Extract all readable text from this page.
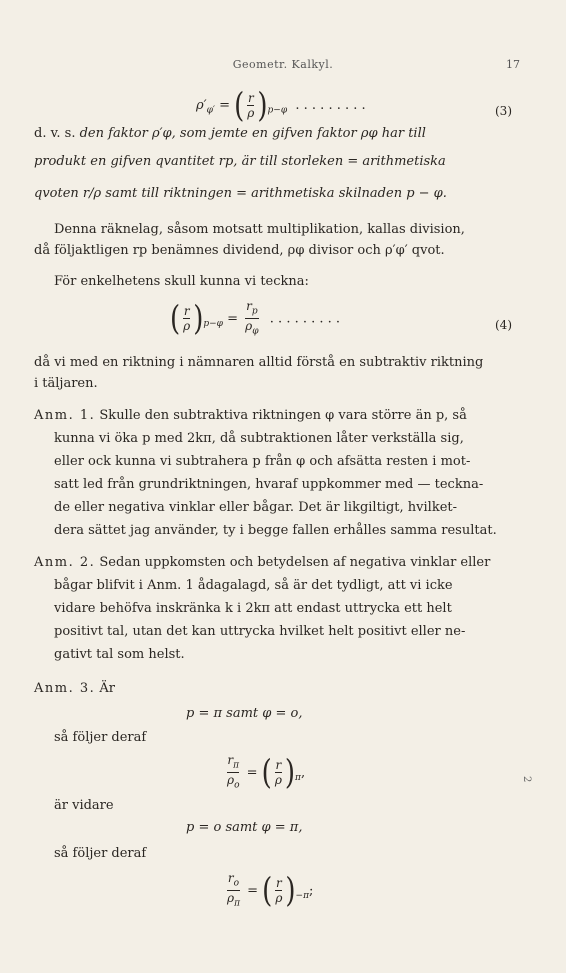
Geometr. Kalkyl.	17
$\rho'_{\varphi'}$ = ( $\frac{r}{\rho} )_{p-\varphi}$  . . . . . . . . .	(3)
d. v. s. den faktor ρ′φ, som jemte en gifven faktor ρφ har till
produkt en gifven qvantitet rp, är till storleken = arithmetiska
qvoten r/ρ samt till riktningen = arithmetiska skilnaden p − φ.
Denna räknelag, såsom motsatt multiplikation, kallas division,
då följaktligen rp benämnes dividend, ρφ divisor och ρ′φ′ qvot.
För enkelhetens skull kunna vi teckna:
( $\frac{r}{\rho} )_{p-\varphi} = \frac{r_p}{\rho_\varphi}$ . . . . . . . . .	(4)
då vi med en riktning i nämnaren alltid förstå en subtraktiv riktning
i täljaren.
Anm. 1. Skulle den subtraktiva riktningen φ vara större än p, så
kunna vi öka p med 2kπ, då subtraktionen låter verkställa sig,
eller ock kunna vi subtrahera p från φ och afsätta resten i mot-
satt led från grundriktningen, hvaraf uppkommer med — teckna-
de eller negativa vinklar eller bågar. Det är likgiltigt, hvilket-
dera sättet jag använder, ty i begge fallen erhålles samma resultat.
Anm. 2. Sedan uppkomsten och betydelsen af negativa vinklar eller
bågar blifvit i Anm. 1 ådagalagd, så är det tydligt, att vi icke
vidare behöfva inskränka k i 2kπ att endast uttrycka ett helt
positivt tal, utan det kan uttrycka hvilket helt positivt eller ne-
gativt tal som helst.
Anm. 3. Är
p = π samt φ = o,
så följer deraf
$\frac{r_\pi}{\rho_o}$ = ( $\frac{r}{\rho} )_\pi$,
är vidare
p = o samt φ = π,
så följer deraf
$\frac{r_o}{\rho_\pi}$ = ( $\frac{r}{\rho} )_{-\pi}$;
2
